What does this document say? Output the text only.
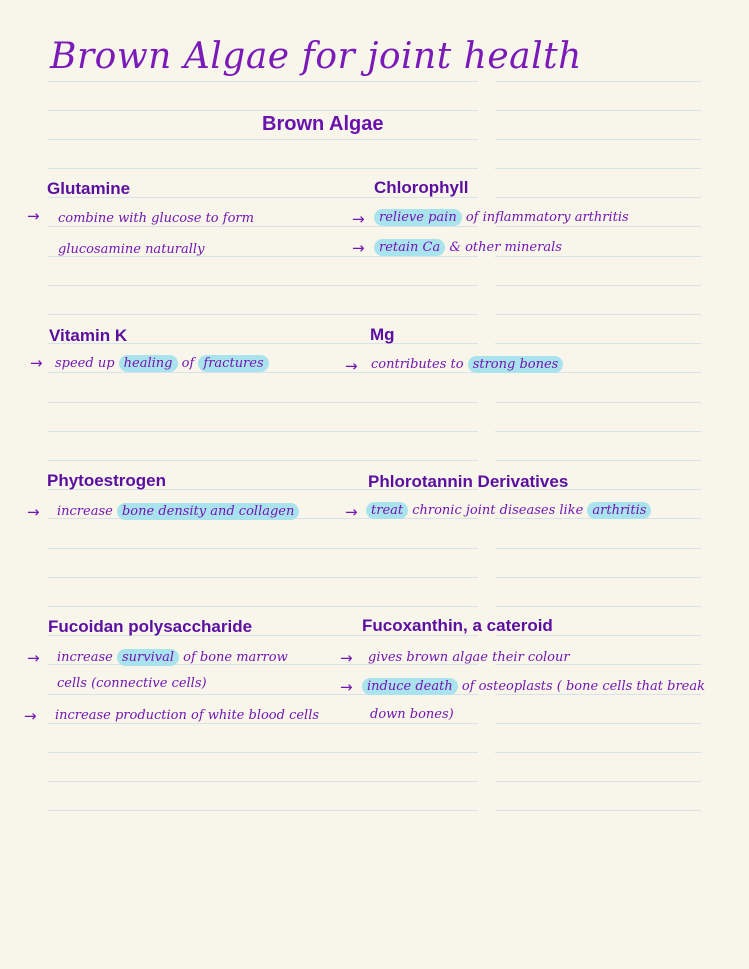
Brown Algae for joint health
Brown Algae
Glutamine
→ combine with glucose to form
glucosamine naturally
Chlorophyll
→	relieve pain of inflammatory arthritis
→	retain Ca & other minerals
Vitamin K
→ speed up healing of fractures
Mg
→ contributes to strong bones
Phytoestrogen
→ increase bone density and collagen
Phlorotannin Derivatives
→	treat chronic joint diseases like arthritis
Fucoidan polysaccharide
→ increase survival of bone marrow
cells (connective cells)
→ increase production of white blood cells
Fucoxanthin, a cateroid
→ gives brown algae their colour
→	induce death of osteoplasts ( bone cells that break
down bones)
